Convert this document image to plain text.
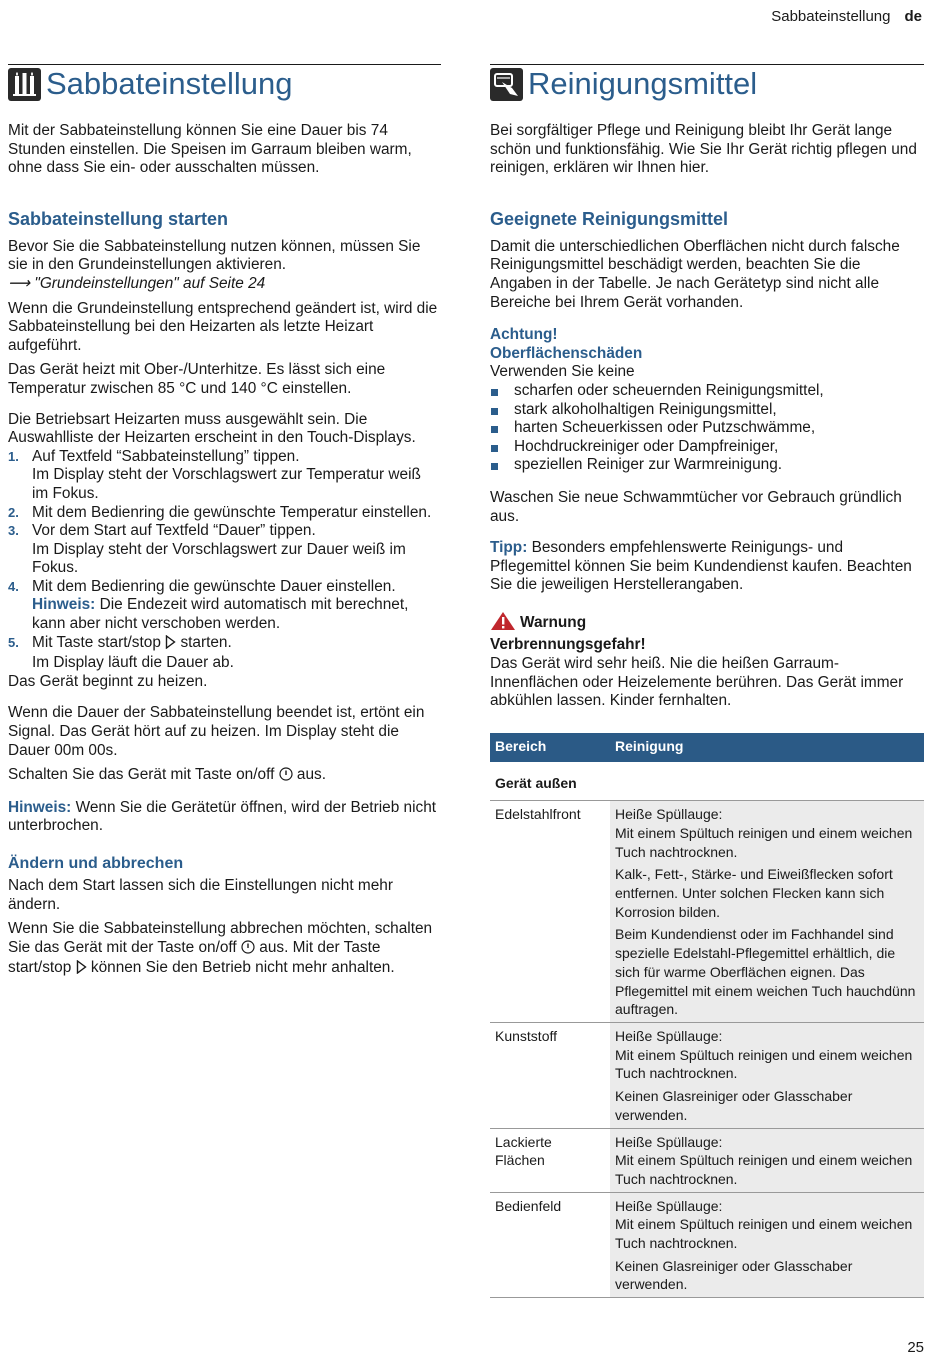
Sabbateinstellung de
Sabbateinstellung

Mit der Sabbateinstellung können Sie eine Dauer bis 74 Stunden einstellen. Die Speisen im Garraum bleiben warm, ohne dass Sie ein- oder ausschalten müssen.

Sabbateinstellung starten

Bevor Sie die Sabbateinstellung nutzen können, müssen Sie sie in den Grundeinstellungen aktivieren.

⟶ "Grundeinstellungen" auf Seite 24

Wenn die Grundeinstellung entsprechend geändert ist, wird die Sabbateinstellung bei den Heizarten als letzte Heizart aufgeführt.

Das Gerät heizt mit Ober-/Unterhitze. Es lässt sich eine Temperatur zwischen 85 °C und 140 °C einstellen.

Die Betriebsart Heizarten muss ausgewählt sein. Die Auswahlliste der Heizarten erscheint in den Touch-Displays.

1. Auf Textfeld “Sabbateinstellung” tippen.
Im Display steht der Vorschlagswert zur Temperatur weiß im Fokus.
2. Mit dem Bedienring die gewünschte Temperatur einstellen.
3. Vor dem Start auf Textfeld “Dauer” tippen.
Im Display steht der Vorschlagswert zur Dauer weiß im Fokus.
4. Mit dem Bedienring die gewünschte Dauer einstellen.
Hinweis: Die Endezeit wird automatisch mit berechnet, kann aber nicht verschoben werden.
5. Mit Taste start/stop starten.
Im Display läuft die Dauer ab.

Das Gerät beginnt zu heizen.

Wenn die Dauer der Sabbateinstellung beendet ist, ertönt ein Signal. Das Gerät hört auf zu heizen. Im Display steht die Dauer 00m 00s.

Schalten Sie das Gerät mit Taste on/off aus.

Hinweis: Wenn Sie die Gerätetür öffnen, wird der Betrieb nicht unterbrochen.

Ändern und abbrechen

Nach dem Start lassen sich die Einstellungen nicht mehr ändern.

Wenn Sie die Sabbateinstellung abbrechen möchten, schalten Sie das Gerät mit der Taste on/off aus. Mit der Taste start/stop können Sie den Betrieb nicht mehr anhalten.

Reinigungsmittel

Bei sorgfältiger Pflege und Reinigung bleibt Ihr Gerät lange schön und funktionsfähig. Wie Sie Ihr Gerät richtig pflegen und reinigen, erklären wir Ihnen hier.

Geeignete Reinigungsmittel

Damit die unterschiedlichen Oberflächen nicht durch falsche Reinigungsmittel beschädigt werden, beachten Sie die Angaben in der Tabelle. Je nach Gerätetyp sind nicht alle Bereiche bei Ihrem Gerät vorhanden.

Achtung!
Oberflächenschäden
Verwenden Sie keine
scharfen oder scheuernden Reinigungsmittel,
stark alkoholhaltigen Reinigungsmittel,
harten Scheuerkissen oder Putzschwämme,
Hochdruckreiniger oder Dampfreiniger,
speziellen Reiniger zur Warmreinigung.

Waschen Sie neue Schwammtücher vor Gebrauch gründlich aus.

Tipp: Besonders empfehlenswerte Reinigungs- und Pflegemittel können Sie beim Kundendienst kaufen. Beachten Sie die jeweiligen Herstellerangaben.

Warnung
Verbrennungsgefahr!
Das Gerät wird sehr heiß. Nie die heißen Garraum-Innenflächen oder Heizelemente berühren. Das Gerät immer abkühlen lassen. Kinder fernhalten.
Bereich	Reinigung
Gerät außen	
Edelstahlfront	Heiße Spüllauge:
Mit einem Spültuch reinigen und einem weichen Tuch nachtrocknen.
Kalk-, Fett-, Stärke- und Eiweißflecken sofort entfernen. Unter solchen Flecken kann sich Korrosion bilden.
Beim Kundendienst oder im Fachhandel sind spezielle Edelstahl-Pflegemittel erhältlich, die sich für warme Oberflächen eignen. Das Pflegemittel mit einem weichen Tuch hauchdünn auftragen.

Kunststoff	Heiße Spüllauge:
Mit einem Spültuch reinigen und einem weichen Tuch nachtrocknen.
Keinen Glasreiniger oder Glasschaber verwenden.

Lackierte Flächen	Heiße Spüllauge:
Mit einem Spültuch reinigen und einem weichen Tuch nachtrocknen.

Bedienfeld	Heiße Spüllauge:
Mit einem Spültuch reinigen und einem weichen Tuch nachtrocknen.
Keinen Glasreiniger oder Glasschaber verwenden.
25
